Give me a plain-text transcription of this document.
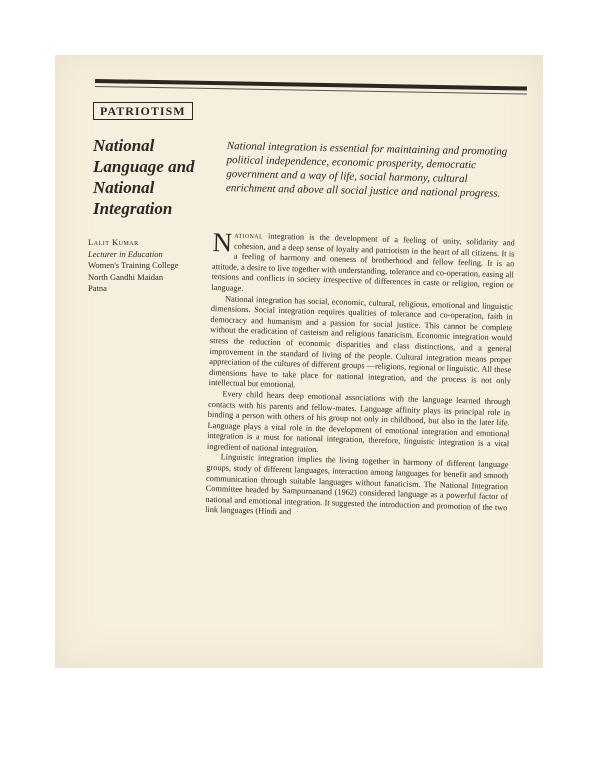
PATRIOTISM
National Language and National Integration
National integration is essential for maintaining and promoting political independence, economic prosperity, democratic government and a way of life, social harmony, cultural enrichment and above all social justice and national progress.
Lalit Kumar
Lecturer in Education
Women's Training College
North Gandhi Maidan
Patna

National integration is the development of a feeling of unity, solidarity and cohesion, and a deep sense of loyalty and patriotism in the heart of all citizens. It is a feeling of harmony and oneness of brotherhood and fellow feeling. It is an attitude, a desire to live together with understanding, tolerance and co-operation, easing all tensions and conflicts in society irrespective of differences in caste or religion, region or language.

National integration has social, economic, cultural, religious, emotional and linguistic dimensions. Social integration requires qualities of tolerance and co-operation, faith in democracy and humanism and a passion for social justice. This cannot be complete without the eradication of casteism and religious fanaticism. Economic integration would stress the reduction of economic disparities and class distinctions, and a general improvement in the standard of living of the people. Cultural integration means proper appreciation of the cultures of different groups —religions, regional or linguistic. All these dimensions have to take place for national integration, and the process is not only intellectual but emotional.

Every child hears deep emotional associations with the language learned through contacts with his parents and fellow-mates. Language affinity plays its principal role in binding a person with others of his group not only in childhood, but also in the later life. Language plays a vital role in the development of emotional integration and emotional integration is a must for national integration, therefore, linguistic integration is a vital ingredient of national integration.

Linguistic integration implies the living together in harmony of different language groups, study of different languages, interaction among languages for benefit and smooth communication through suitable languages without fanaticism. The National Integration Committee headed by Sampurnanand (1962) considered language as a powerful factor of national and emotional integration. It suggested the introduction and promotion of the two link languages (Hindi and
